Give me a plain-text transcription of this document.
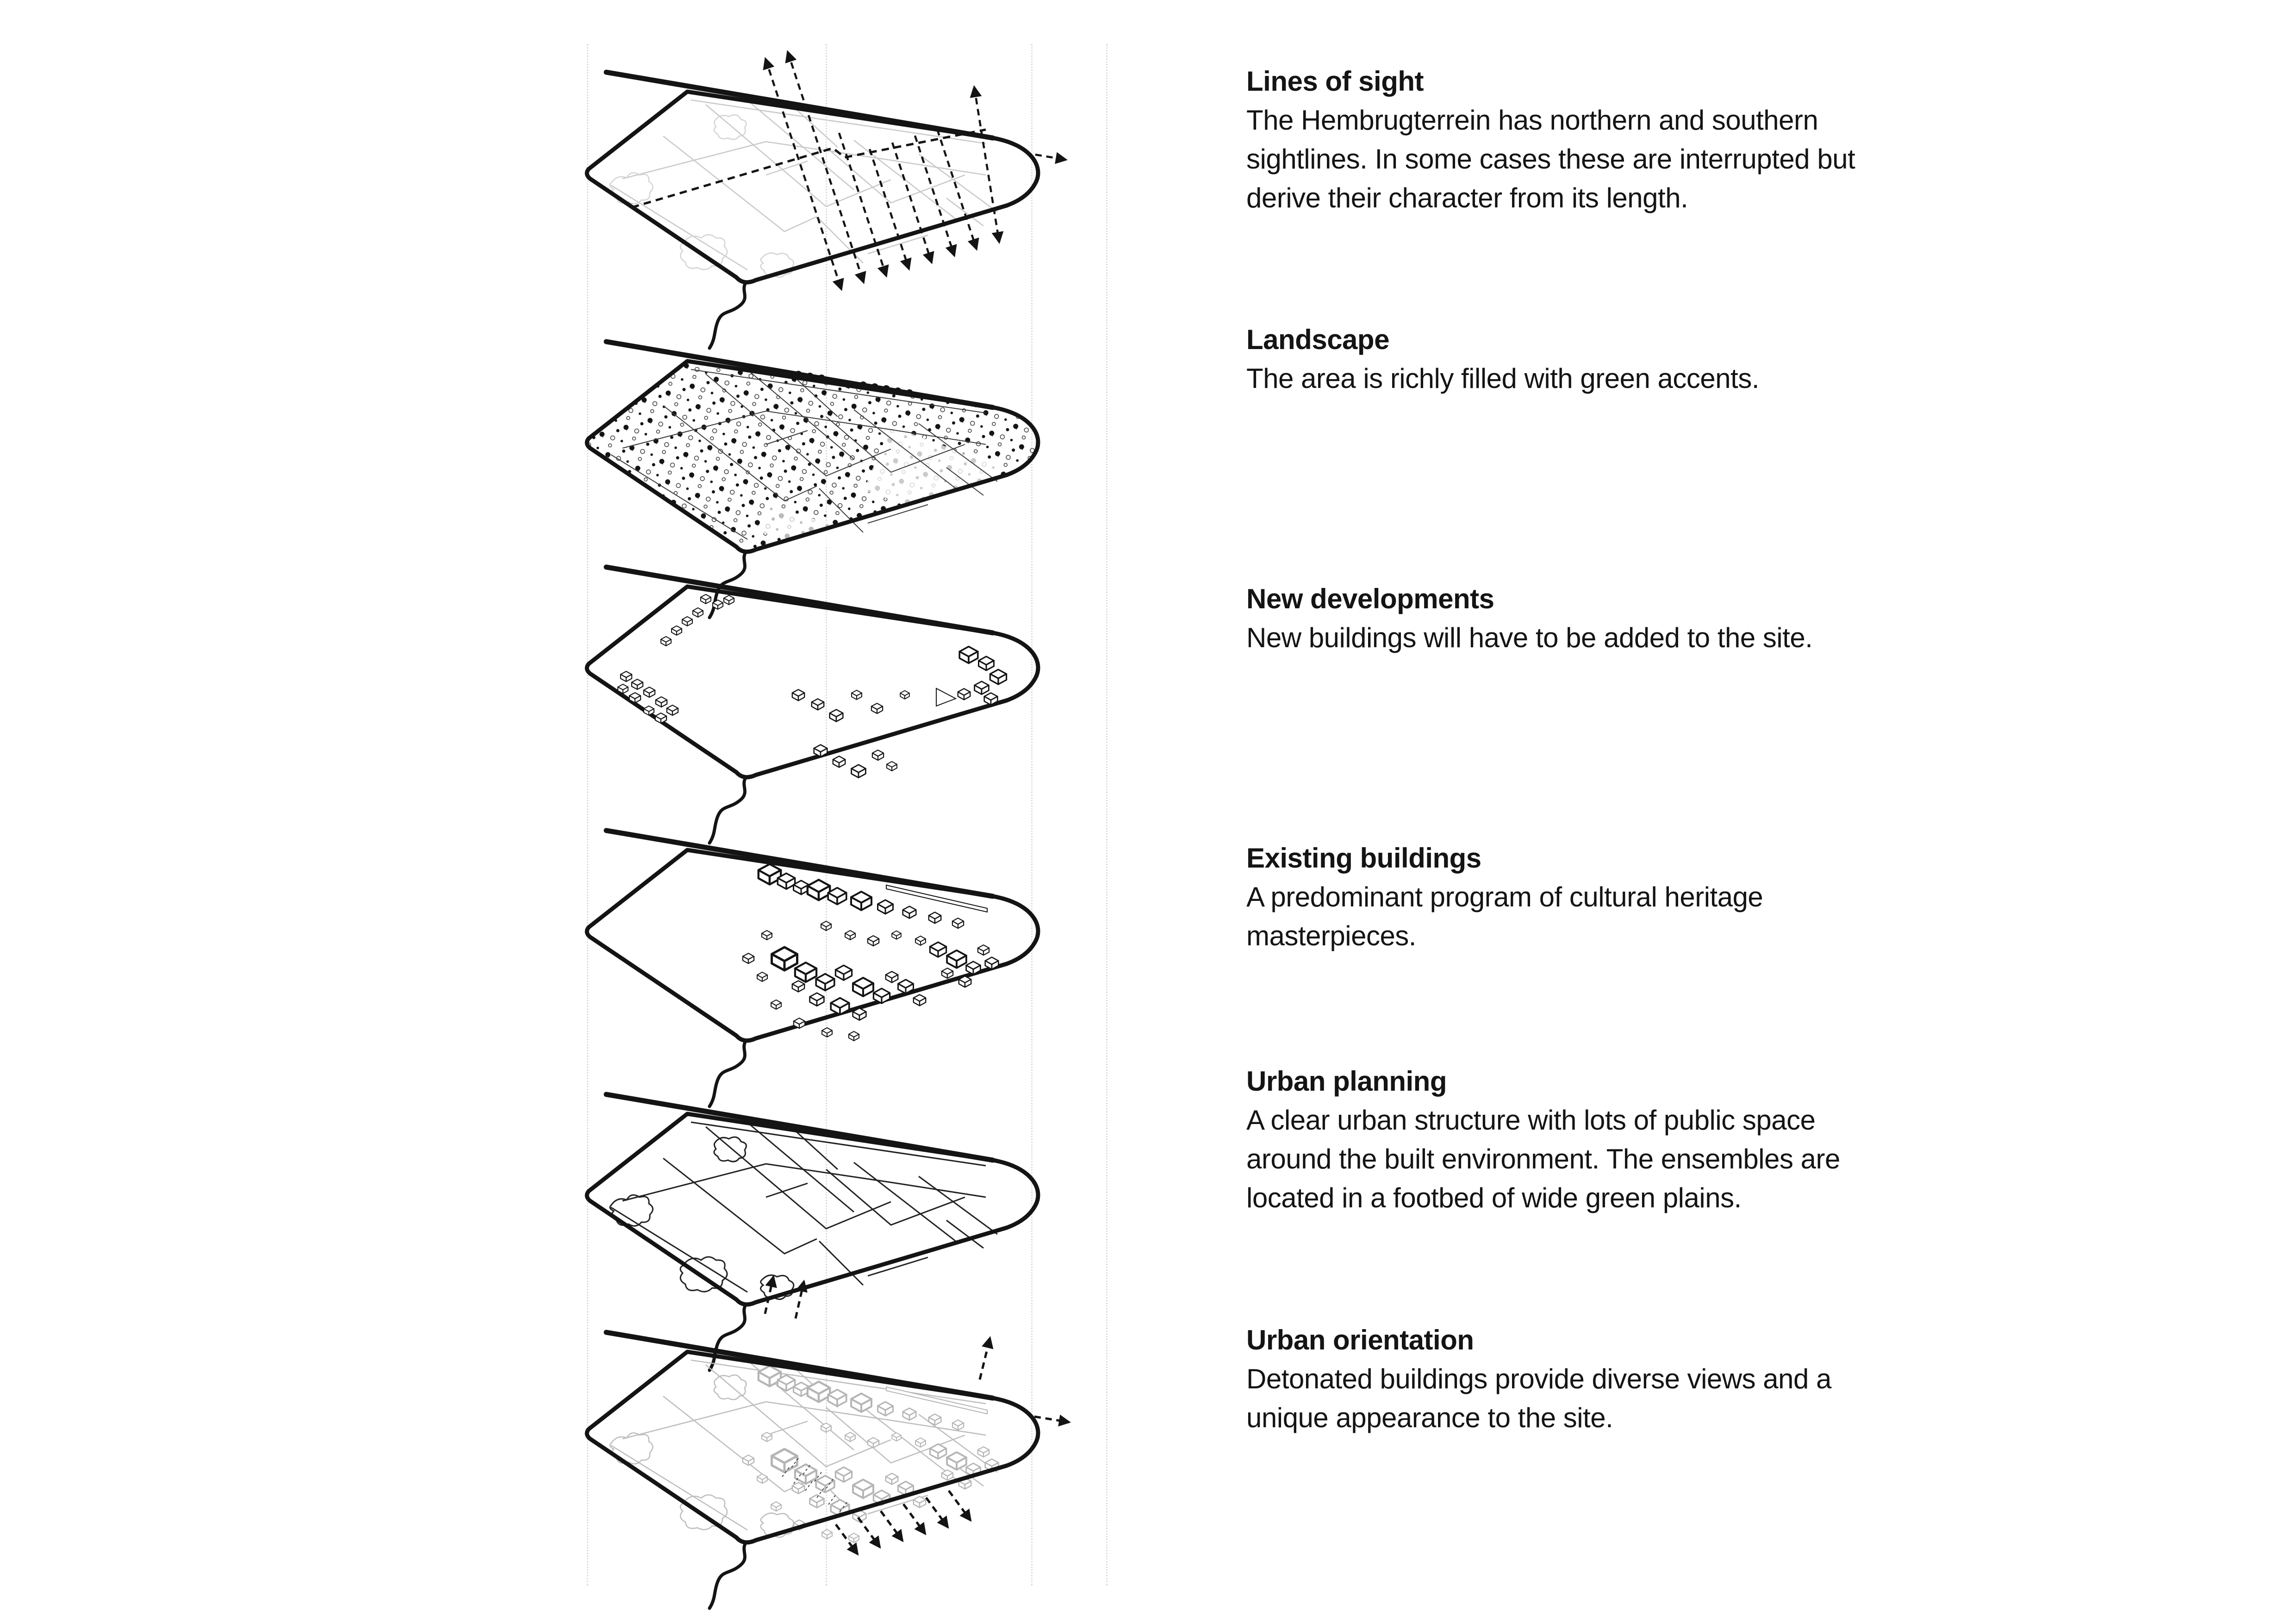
Lines of sight

The Hembrugterrein has northern and southern sightlines. In some cases these are interrupted but derive their character from its length.

Landscape

The area is richly filled with green accents.

New developments

New buildings will have to be added to the site.

Existing buildings

A predominant program of cultural heritage masterpieces.

Urban planning

A clear urban structure with lots of public space around the built environment. The ensembles are located in a footbed of wide green plains.

Urban orientation

Detonated buildings provide diverse views and a unique appearance to the site.
